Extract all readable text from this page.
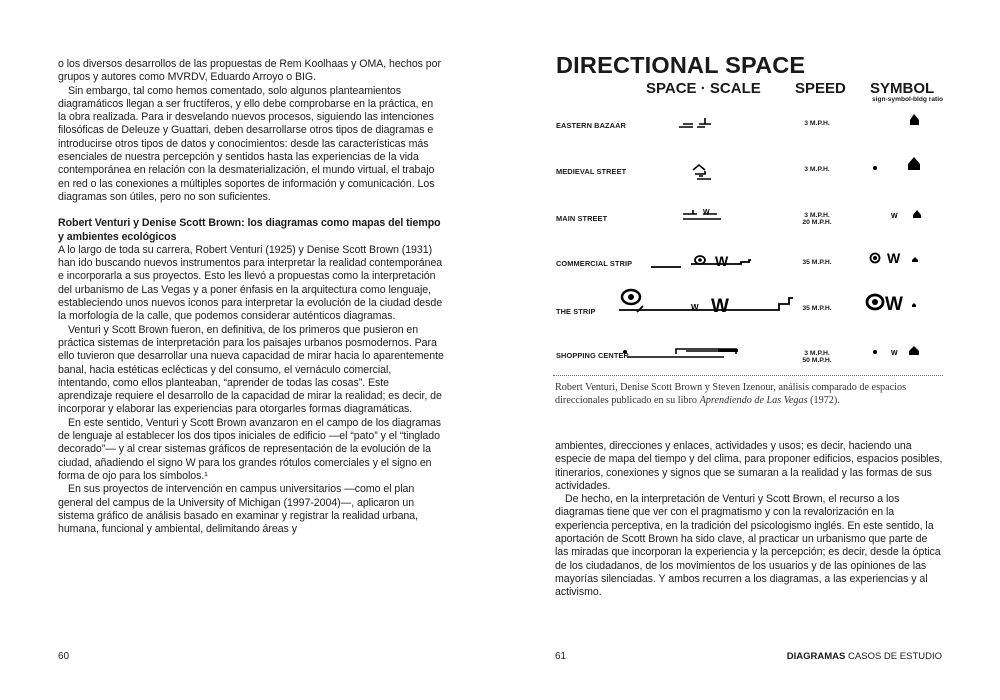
o los diversos desarrollos de las propuestas de Rem Koolhaas y OMA, hechos por grupos y autores como MVRDV, Eduardo Arroyo o BIG.

Sin embargo, tal como hemos comentado, solo algunos planteamientos diagramáticos llegan a ser fructíferos, y ello debe comprobarse en la práctica, en la obra realizada. Para ir desvelando nuevos procesos, siguiendo las intenciones filosóficas de Deleuze y Guattari, deben desarrollarse otros tipos de diagramas e introducirse otros tipos de datos y conocimientos: desde las características más esenciales de nuestra percepción y sentidos hasta las experiencias de la vida contemporánea en relación con la desmaterialización, el mundo virtual, el trabajo en red o las conexiones a múltiples soportes de información y comunicación. Los diagramas son útiles, pero no son suficientes.

Robert Venturi y Denise Scott Brown: los diagramas como mapas del tiempo y ambientes ecológicos

A lo largo de toda su carrera, Robert Venturi (1925) y Denise Scott Brown (1931) han ido buscando nuevos instrumentos para interpretar la realidad contemporánea e incorporarla a sus proyectos. Esto les llevó a propuestas como la interpretación del urbanismo de Las Vegas y a poner énfasis en la arquitectura como lenguaje, estableciendo unos nuevos iconos para interpretar la evolución de la ciudad desde la morfología de la calle, que podemos considerar auténticos diagramas.

Venturi y Scott Brown fueron, en definitiva, de los primeros que pusieron en práctica sistemas de interpretación para los paisajes urbanos posmodernos. Para ello tuvieron que desarrollar una nueva capacidad de mirar hacia lo aparentemente banal, hacia estéticas eclécticas y del consumo, el vernáculo comercial, intentando, como ellos planteaban, “aprender de todas las cosas”. Este aprendizaje requiere el desarrollo de la capacidad de mirar la realidad; es decir, de incorporar y elaborar las experiencias para otorgarles formas diagramáticas.

En este sentido, Venturi y Scott Brown avanzaron en el campo de los diagramas de lenguaje al establecer los dos tipos iniciales de edificio —el “pato” y el “tinglado decorado”— y al crear sistemas gráficos de representación de la evolución de la ciudad, añadiendo el signo W para los grandes rótulos comerciales y el signo en forma de ojo para los símbolos.¹

En sus proyectos de intervención en campus universitarios —como el plan general del campus de la University of Michigan (1997-2004)—, aplicaron un sistema gráfico de análisis basado en examinar y registrar la realidad urbana, humana, funcional y ambiental, delimitando áreas y

60
W
W
W W
W
W
W
W
DIRECTIONAL SPACE
SPACE · SCALE SPEED SYMBOL
sign-symbol-bldg ratio
EASTERN BAZAAR
MEDIEVAL STREET
MAIN STREET
COMMERCIAL STRIP
THE STRIP
SHOPPING CENTER
3 M.P.H.
3 M.P.H.
3 M.P.H.
20 M.P.H.
35 M.P.H.
35 M.P.H.
3 M.P.H.
50 M.P.H.
Robert Venturi, Denise Scott Brown y Steven Izenour, análisis comparado de espacios direccionales publicado en su libro Aprendiendo de Las Vegas (1972).

ambientes, direcciones y enlaces, actividades y usos; es decir, haciendo una especie de mapa del tiempo y del clima, para proponer edificios, espacios posibles, itinerarios, conexiones y signos que se sumaran a la realidad y las formas de sus actividades.

De hecho, en la interpretación de Venturi y Scott Brown, el recurso a los diagramas tiene que ver con el pragmatismo y con la revalorización en la experiencia perceptiva, en la tradición del psicologismo inglés. En este sentido, la aportación de Scott Brown ha sido clave, al practicar un urbanismo que parte de las miradas que incorporan la experiencia y la percepción; es decir, desde la óptica de los ciudadanos, de los movimientos de los usuarios y de las opiniones de las mayorías silenciadas. Y ambos recurren a los diagramas, a las experiencias y al activismo.

61	DIAGRAMAS CASOS DE ESTUDIO
